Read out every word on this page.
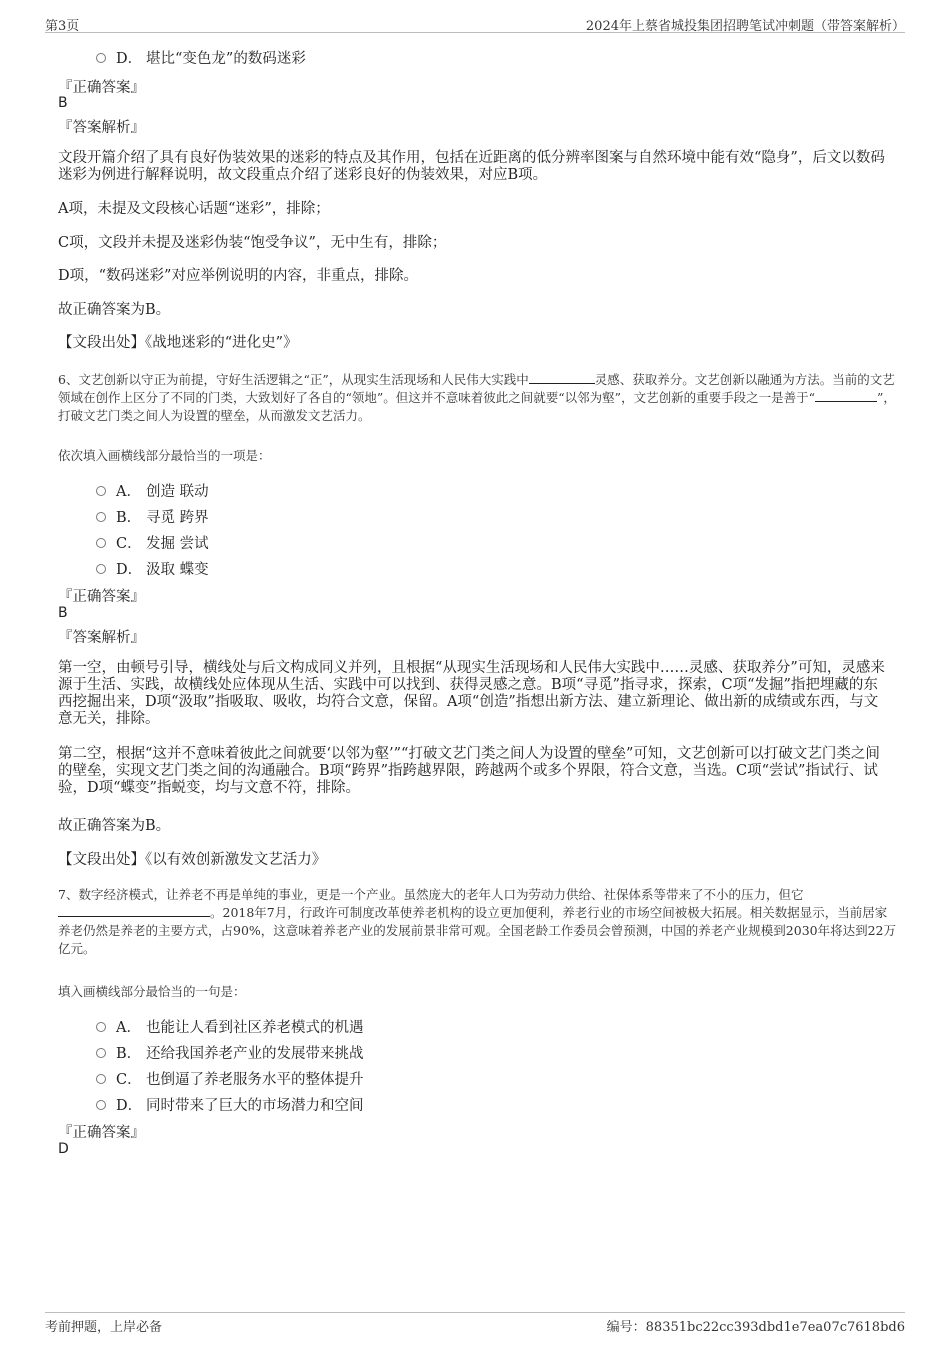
第3页	2024年上蔡省城投集团招聘笔试冲刺题（带答案解析）
D． 堪比“变色龙”的数码迷彩
『正确答案』
B
『答案解析』
文段开篇介绍了具有良好伪装效果的迷彩的特点及其作用，包括在近距离的低分辨率图案与自然环境中能有效“隐身”，后文以数码迷彩为例进行解释说明，故文段重点介绍了迷彩良好的伪装效果，对应B项。
A项，未提及文段核心话题“迷彩”，排除；
C项，文段并未提及迷彩伪装“饱受争议”，无中生有，排除；
D项，“数码迷彩”对应举例说明的内容，非重点，排除。
故正确答案为B。
【文段出处】《战地迷彩的“进化史”》
6、文艺创新以守正为前提，守好生活逻辑之“正”，从现实生活现场和人民伟大实践中	灵感、获取养分。文艺创新以融通为方法。当前的文艺领域在创作上区分了不同的门类，大致划好了各自的“领地”。但这并不意味着彼此之间就要“以邻为壑”，文艺创新的重要手段之一是善于“	”，打破文艺门类之间人为设置的壁垒，从而激发文艺活力。
依次填入画横线部分最恰当的一项是：
A． 创造 联动
B． 寻觅 跨界
C． 发掘 尝试
D． 汲取 蝶变
『正确答案』
B
『答案解析』
第一空，由顿号引导，横线处与后文构成同义并列，且根据“从现实生活现场和人民伟大实践中……灵感、获取养分”可知，灵感来源于生活、实践，故横线处应体现从生活、实践中可以找到、获得灵感之意。B项“寻觅”指寻求，探索，C项“发掘”指把埋藏的东西挖掘出来，D项“汲取”指吸取、吸收，均符合文意，保留。A项“创造”指想出新方法、建立新理论、做出新的成绩或东西，与文意无关，排除。
第二空，根据“这并不意味着彼此之间就要‘以邻为壑’”“打破文艺门类之间人为设置的壁垒”可知，文艺创新可以打破文艺门类之间的壁垒，实现文艺门类之间的沟通融合。B项“跨界”指跨越界限，跨越两个或多个界限，符合文意，当选。C项“尝试”指试行、试验，D项“蝶变”指蜕变，均与文意不符，排除。
故正确答案为B。
【文段出处】《以有效创新激发文艺活力》
7、数字经济模式，让养老不再是单纯的事业，更是一个产业。虽然庞大的老年人口为劳动力供给、社保体系等带来了不小的压力，但它
。2018年7月，行政许可制度改革使养老机构的设立更加便利，养老行业的市场空间被极大拓展。相关数据显示，当前居家养老仍然是养老的主要方式，占90%，这意味着养老产业的发展前景非常可观。全国老龄工作委员会曾预测，中国的养老产业规模到2030年将达到22万亿元。
填入画横线部分最恰当的一句是：
A． 也能让人看到社区养老模式的机遇
B． 还给我国养老产业的发展带来挑战
C． 也倒逼了养老服务水平的整体提升
D． 同时带来了巨大的市场潜力和空间
『正确答案』
D
考前押题，上岸必备	编号：88351bc22cc393dbd1e7ea07c7618bd6
